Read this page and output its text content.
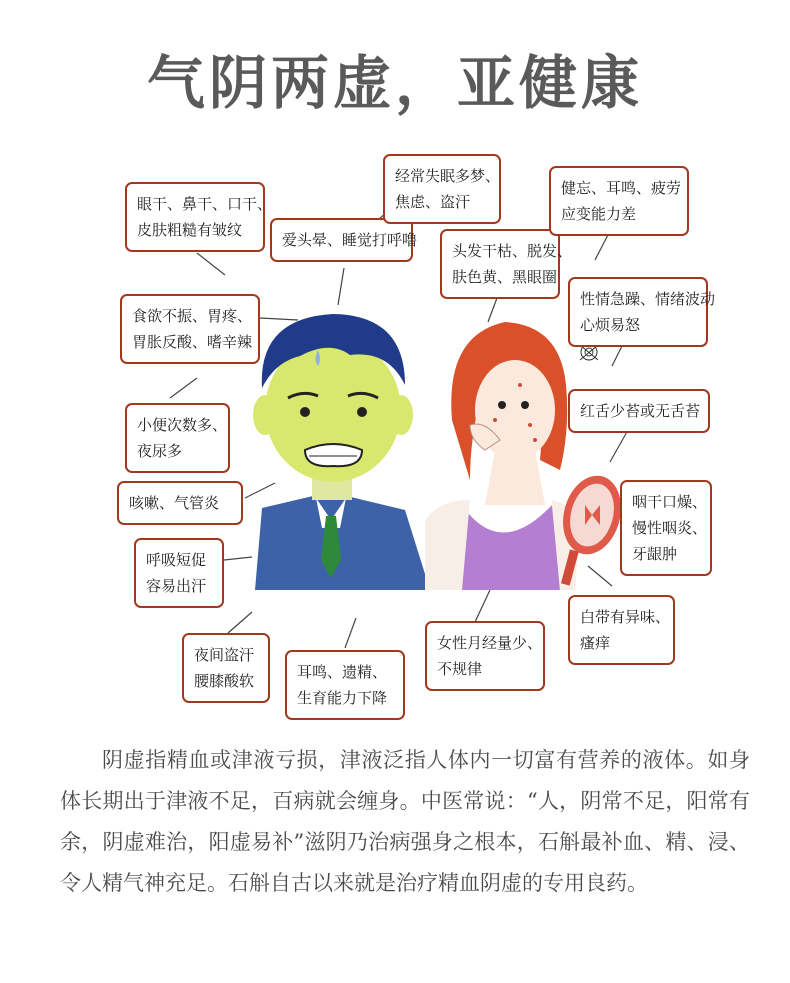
气阴两虚，亚健康
眼干、鼻干、口干、
皮肤粗糙有皱纹
爱头晕、睡觉打呼噜
经常失眠多梦、
焦虑、盗汗
头发干枯、脱发、
肤色黄、黑眼圈
健忘、耳鸣、疲劳
应变能力差
食欲不振、胃疼、
胃胀反酸、嗜辛辣
性情急躁、情绪波动
心烦易怒
小便次数多、
夜尿多
红舌少苔或无舌苔
咳嗽、气管炎	咽干口燥、
慢性咽炎、
牙龈肿
呼吸短促
容易出汗
白带有异味、
瘙痒
夜间盗汗
腰膝酸软	耳鸣、遗精、
生育能力下降
女性月经量少、
不规律
阴虚指精血或津液亏损，津液泛指人体内一切富有营养的液体。如身体长期出于津液不足，百病就会缠身。中医常说：“人，阴常不足，阳常有余，阴虚难治，阳虚易补”滋阴乃治病强身之根本，石斛最补血、精、浸、令人精气神充足。石斛自古以来就是治疗精血阴虚的专用良药。
